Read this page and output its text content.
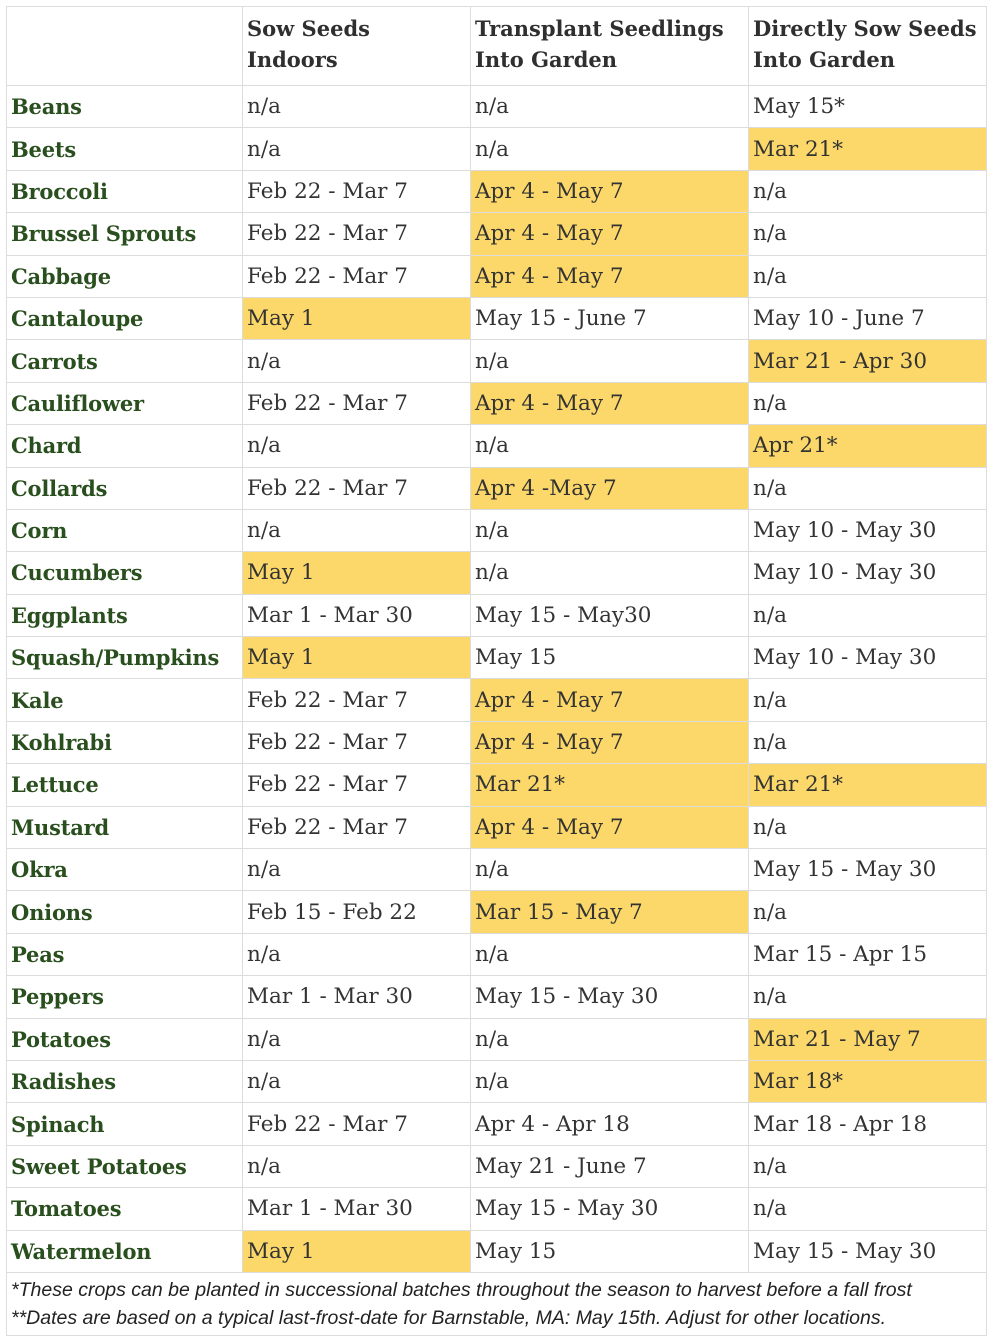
	Sow Seeds Indoors	Transplant Seedlings Into Garden	Directly Sow Seeds Into Garden
Beans	n/a	n/a	May 15*
Beets	n/a	n/a	Mar 21*
Broccoli	Feb 22 - Mar 7	Apr 4 - May 7	n/a
Brussel Sprouts	Feb 22 - Mar 7	Apr 4 - May 7	n/a
Cabbage	Feb 22 - Mar 7	Apr 4 - May 7	n/a
Cantaloupe	May 1	May 15 - June 7	May 10 - June 7
Carrots	n/a	n/a	Mar 21 - Apr 30
Cauliflower	Feb 22 - Mar 7	Apr 4 - May 7	n/a
Chard	n/a	n/a	Apr 21*
Collards	Feb 22 - Mar 7	Apr 4 -May 7	n/a
Corn	n/a	n/a	May 10 - May 30
Cucumbers	May 1	n/a	May 10 - May 30
Eggplants	Mar 1 - Mar 30	May 15 - May30	n/a
Squash/Pumpkins	May 1	May 15	May 10 - May 30
Kale	Feb 22 - Mar 7	Apr 4 - May 7	n/a
Kohlrabi	Feb 22 - Mar 7	Apr 4 - May 7	n/a
Lettuce	Feb 22 - Mar 7	Mar 21*	Mar 21*
Mustard	Feb 22 - Mar 7	Apr 4 - May 7	n/a
Okra	n/a	n/a	May 15 - May 30
Onions	Feb 15 - Feb 22	Mar 15 - May 7	n/a
Peas	n/a	n/a	Mar 15 - Apr 15
Peppers	Mar 1 - Mar 30	May 15 - May 30	n/a
Potatoes	n/a	n/a	Mar 21 - May 7
Radishes	n/a	n/a	Mar 18*
Spinach	Feb 22 - Mar 7	Apr 4 - Apr 18	Mar 18 - Apr 18
Sweet Potatoes	n/a	May 21 - June 7	n/a
Tomatoes	Mar 1 - Mar 30	May 15 - May 30	n/a
Watermelon	May 1	May 15	May 15 - May 30

*These crops can be planted in successional batches throughout the season to harvest before a fall frost
**Dates are based on a typical last-frost-date for Barnstable, MA: May 15th. Adjust for other locations.			
